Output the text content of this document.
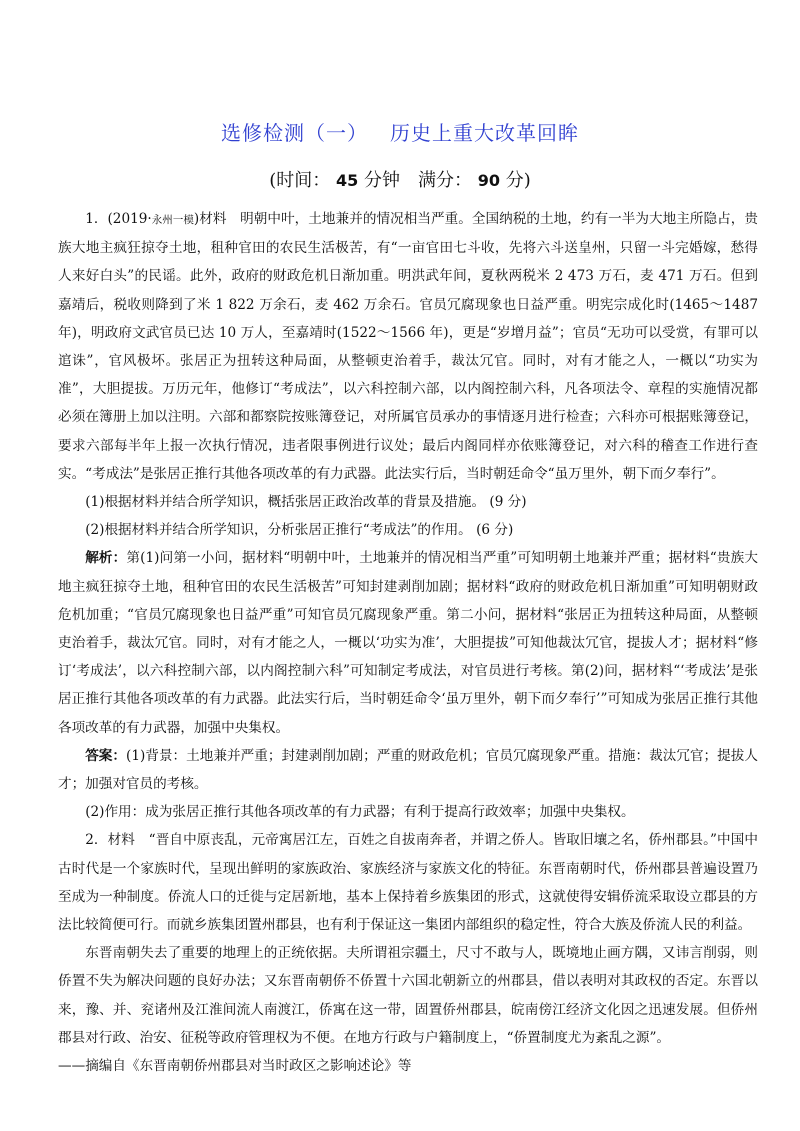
选修检测（一） 历史上重大改革回眸
(时间： 45 分钟　满分： 90 分)

1．(2019·永州一模)材料　明朝中叶，土地兼并的情况相当严重。全国纳税的土地，约有一半为大地主所隐占，贵族大地主疯狂掠夺土地，租种官田的农民生活极苦，有“一亩官田七斗收，先将六斗送皇州，只留一斗完婚嫁，愁得人来好白头”的民谣。此外，政府的财政危机日渐加重。明洪武年间，夏秋两税米 2 473 万石，麦 471 万石。但到嘉靖后，税收则降到了米 1 822 万余石，麦 462 万余石。官员冗腐现象也日益严重。明宪宗成化时(1465～1487 年)，明政府文武官员已达 10 万人，至嘉靖时(1522～1566 年)，更是“岁增月益”；官员“无功可以受赏，有罪可以逭诛”，官风极坏。张居正为扭转这种局面，从整顿吏治着手，裁汰冗官。同时，对有才能之人，一概以“功实为准”，大胆提拔。万历元年，他修订“考成法”，以六科控制六部，以内阁控制六科，凡各项法令、章程的实施情况都必须在簿册上加以注明。六部和都察院按账簿登记，对所属官员承办的事情逐月进行检查；六科亦可根据账簿登记，要求六部每半年上报一次执行情况，违者限事例进行议处；最后内阁同样亦依账簿登记，对六科的稽查工作进行查实。“考成法”是张居正推行其他各项改革的有力武器。此法实行后，当时朝廷命令“虽万里外，朝下而夕奉行”。

(1)根据材料并结合所学知识，概括张居正政治改革的背景及措施。 (9 分)

(2)根据材料并结合所学知识，分析张居正推行“考成法”的作用。 (6 分)

解析：第(1)问第一小问，据材料“明朝中叶，土地兼并的情况相当严重”可知明朝土地兼并严重；据材料“贵族大地主疯狂掠夺土地，租种官田的农民生活极苦”可知封建剥削加剧；据材料“政府的财政危机日渐加重”可知明朝财政危机加重；“官员冗腐现象也日益严重”可知官员冗腐现象严重。第二小问，据材料“张居正为扭转这种局面，从整顿吏治着手，裁汰冗官。同时，对有才能之人，一概以‘功实为准’，大胆提拔”可知他裁汰冗官，提拔人才；据材料“修订‘考成法’，以六科控制六部，以内阁控制六科”可知制定考成法，对官员进行考核。第(2)问，据材料“‘考成法’是张居正推行其他各项改革的有力武器。此法实行后，当时朝廷命令‘虽万里外，朝下而夕奉行’”可知成为张居正推行其他各项改革的有力武器，加强中央集权。

答案：(1)背景：土地兼并严重；封建剥削加剧；严重的财政危机；官员冗腐现象严重。措施：裁汰冗官；提拔人才；加强对官员的考核。

(2)作用：成为张居正推行其他各项改革的有力武器；有利于提高行政效率；加强中央集权。

2．材料　“晋自中原丧乱，元帝寓居江左，百姓之自拔南奔者，并谓之侨人。皆取旧壤之名，侨州郡县。”中国中古时代是一个家族时代，呈现出鲜明的家族政治、家族经济与家族文化的特征。东晋南朝时代，侨州郡县普遍设置乃至成为一种制度。侨流人口的迁徙与定居新地，基本上保持着乡族集团的形式，这就使得安辑侨流采取设立郡县的方法比较简便可行。而就乡族集团置州郡县，也有利于保证这一集团内部组织的稳定性，符合大族及侨流人民的利益。

东晋南朝失去了重要的地理上的正统依据。夫所谓祖宗疆土，尺寸不敢与人，既境地止画方隅，又讳言削弱，则侨置不失为解决问题的良好办法；又东晋南朝侨不侨置十六国北朝新立的州郡县，借以表明对其政权的否定。东晋以来，豫、并、兖诸州及江淮间流人南渡江，侨寓在这一带，固置侨州郡县，皖南傍江经济文化因之迅速发展。但侨州郡县对行政、治安、征税等政府管理权为不便。在地方行政与户籍制度上，“侨置制度尤为紊乱之源”。

——摘编自《东晋南朝侨州郡县对当时政区之影响述论》等
